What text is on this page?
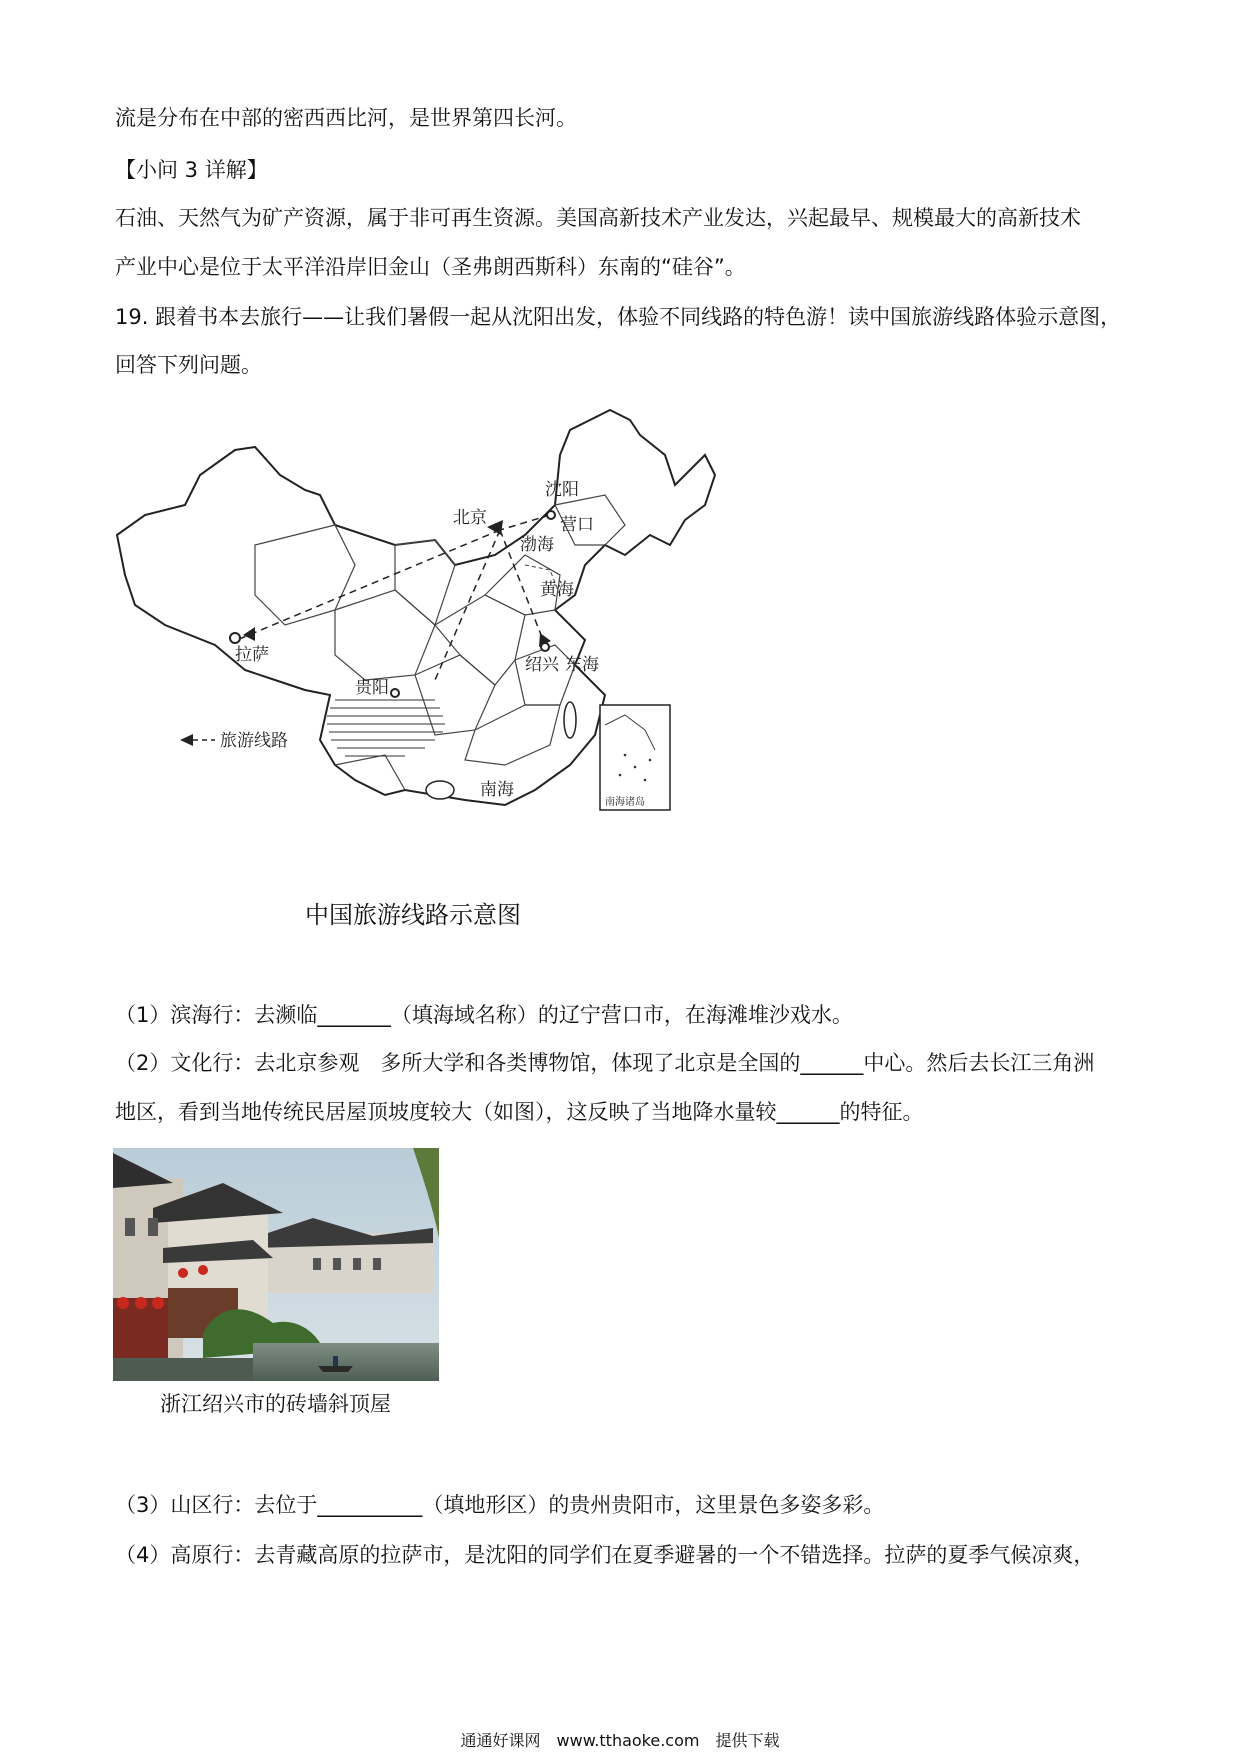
流是分布在中部的密西西比河，是世界第四长河。
【小问 3 详解】
石油、天然气为矿产资源，属于非可再生资源。美国高新技术产业发达，兴起最早、规模最大的高新技术
产业中心是位于太平洋沿岸旧金山（圣弗朗西斯科）东南的“硅谷”。
19. 跟着书本去旅行——让我们暑假一起从沈阳出发，体验不同线路的特色游！读中国旅游线路体验示意图，
回答下列问题。
沈阳
营口
北京
渤海
黄海
拉萨	绍兴 东海
贵阳
南海
旅游线路
南海诸岛
中国旅游线路示意图
（1）滨海行：去濒临_______（填海域名称）的辽宁营口市，在海滩堆沙戏水。
（2）文化行：去北京参观　多所大学和各类博物馆，体现了北京是全国的______中心。然后去长江三角洲
地区，看到当地传统民居屋顶坡度较大（如图），这反映了当地降水量较______的特征。
浙江绍兴市的砖墙斜顶屋
（3）山区行：去位于__________（填地形区）的贵州贵阳市，这里景色多姿多彩。
（4）高原行：去青藏高原的拉萨市，是沈阳的同学们在夏季避暑的一个不错选择。拉萨的夏季气候凉爽，
通通好课网　www.tthaoke.com　提供下载
